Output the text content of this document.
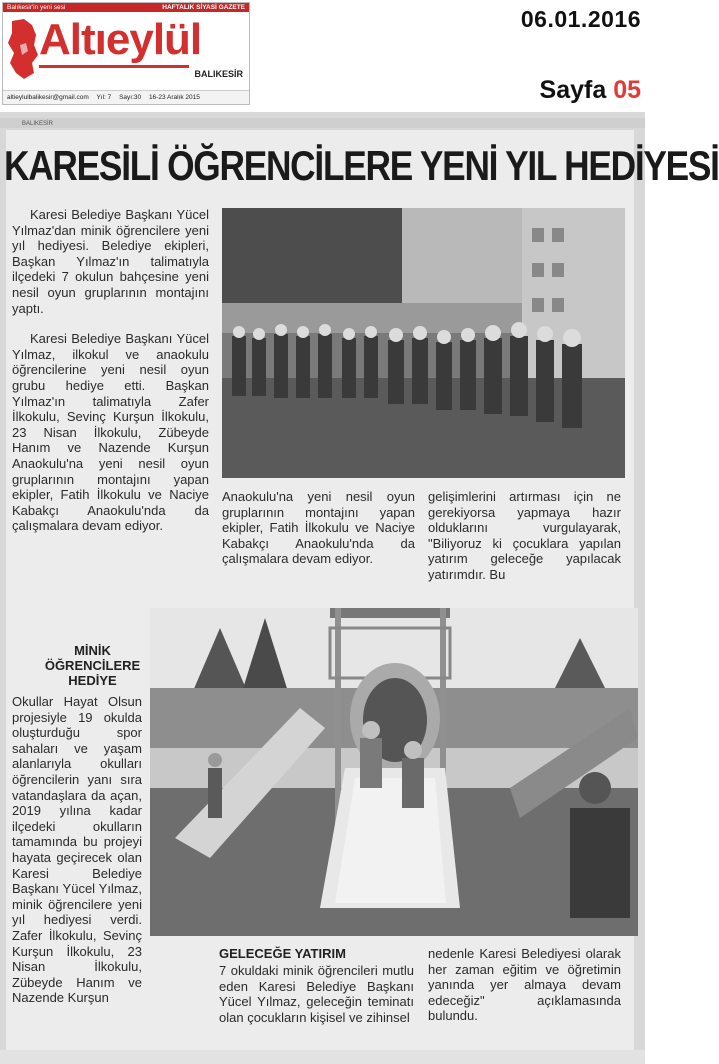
Balıkesir'in yeni sesi	HAFTALIK SİYASİ GAZETE
Altıeylül
BALIKESİR
altieylulbalikesir@gmail.com Yıl: 7 Sayı:30 16-23 Aralık 2015
06.01.2016
Sayfa 05
BALIKESİR
KARESİLİ ÖĞRENCİLERE YENİ YIL HEDİYESİ

Karesi Belediye Başkanı Yücel Yılmaz'dan minik öğrencilere yeni yıl hediyesi. Belediye ekipleri, Başkan Yılmaz'ın talimatıyla ilçedeki 7 okulun bahçesine yeni nesil oyun gruplarının montajını yaptı.

Karesi Belediye Başkanı Yücel Yılmaz, ilkokul ve anaokulu öğrencilerine yeni nesil oyun grubu hediye etti. Başkan Yılmaz'ın talimatıyla Zafer İlkokulu, Sevinç Kurşun İlkokulu, 23 Nisan İlkokulu, Zübeyde Hanım ve Nazende Kurşun Anaokulu'na yeni nesil oyun gruplarının montajını yapan ekipler, Fatih İlkokulu ve Naciye Kabakçı Anaokulu'nda da çalışmalara devam ediyor.

Anaokulu'na yeni nesil oyun gruplarının montajını yapan ekipler, Fatih İlkokulu ve Naciye Kabakçı Anaokulu'nda da çalışmalara devam ediyor.

gelişimlerini artırması için ne gerekiyorsa yapmaya hazır olduklarını vurgulayarak, "Biliyoruz ki çocuklara yapılan yatırım geleceğe yapılacak yatırımdır. Bu

MİNİK ÖĞRENCİLERE HEDİYE

Okullar Hayat Olsun projesiyle 19 okulda oluşturduğu spor sahaları ve yaşam alanlarıyla okulları öğrencilerin yanı sıra vatandaşlara da açan, 2019 yılına kadar ilçedeki okulların tamamında bu projeyi hayata geçirecek olan Karesi Belediye Başkanı Yücel Yılmaz, minik öğrencilere yeni yıl hediyesi verdi. Zafer İlkokulu, Sevinç Kurşun İlkokulu, 23 Nisan İlkokulu, Zübeyde Hanım ve Nazende Kurşun

GELECEĞE YATIRIM

7 okuldaki minik öğrencileri mutlu eden Karesi Belediye Başkanı Yücel Yılmaz, geleceğin teminatı olan çocukların kişisel ve zihinsel

nedenle Karesi Belediyesi olarak her zaman eğitim ve öğretimin yanında yer almaya devam edeceğiz" açıklamasında bulundu.
